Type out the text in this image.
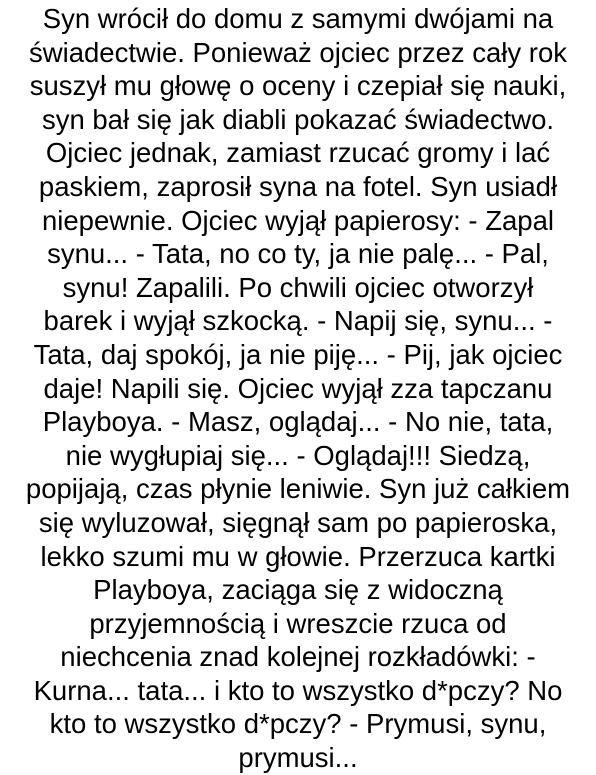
Syn wrócił do domu z samymi dwójami na
świadectwie. Ponieważ ojciec przez cały rok
suszył mu głowę o oceny i czepiał się nauki,
syn bał się jak diabli pokazać świadectwo.
Ojciec jednak, zamiast rzucać gromy i lać
paskiem, zaprosił syna na fotel. Syn usiadł
niepewnie. Ojciec wyjął papierosy: - Zapal
synu... - Tata, no co ty, ja nie palę... - Pal,
synu! Zapalili. Po chwili ojciec otworzył
barek i wyjął szkocką. - Napij się, synu... -
Tata, daj spokój, ja nie piję... - Pij, jak ojciec
daje! Napili się. Ojciec wyjął zza tapczanu
Playboya. - Masz, oglądaj... - No nie, tata,
nie wygłupiaj się... - Oglądaj!!! Siedzą,
popijają, czas płynie leniwie. Syn już całkiem
się wyluzował, sięgnął sam po papieroska,
lekko szumi mu w głowie. Przerzuca kartki
Playboya, zaciąga się z widoczną
przyjemnością i wreszcie rzuca od
niechcenia znad kolejnej rozkładówki: -
Kurna... tata... i kto to wszystko d*pczy? No
kto to wszystko d*pczy? - Prymusi, synu,
prymusi...
